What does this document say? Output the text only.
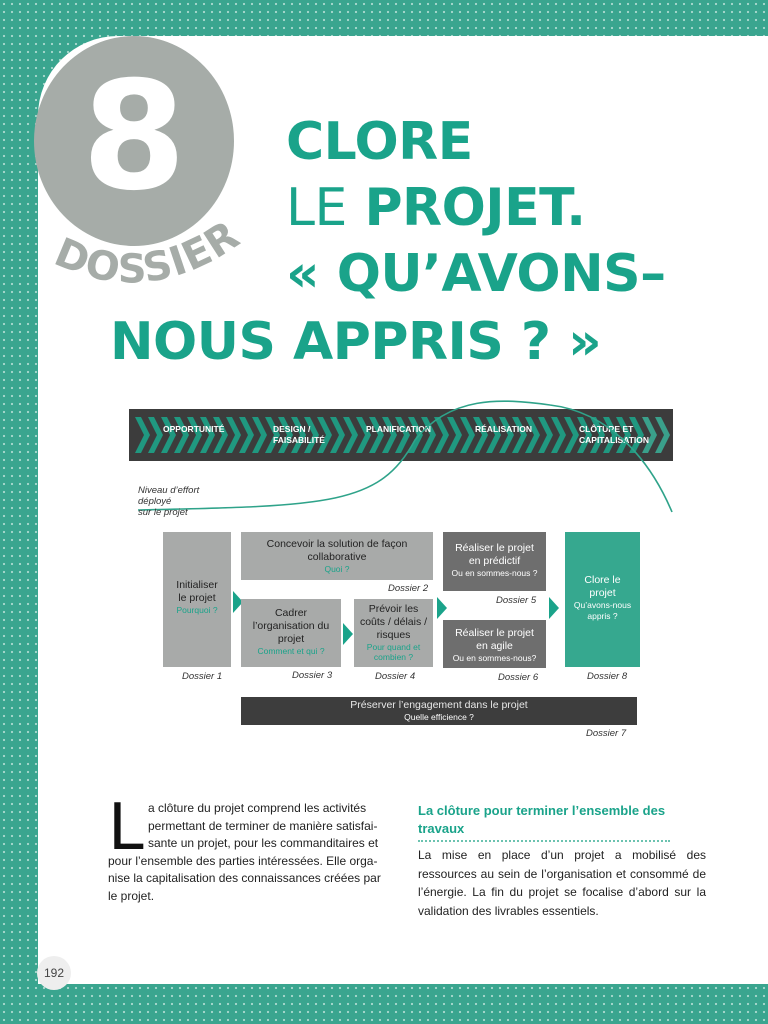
8
DOSSIER
CLORE
LE PROJET.
« QU’AVONS–
NOUS APPRIS ? »
OPPORTUNITÉ	DESIGN /
FAISABILITÉ
PLANIFICATION	RÉALISATION	CLÔTURE ET
CAPITALISATION
Niveau d’effort
déployé
sur le projet
Initialiser
le projet
Pourquoi ?
Concevoir la solution de façon
collaborative
Quoi ?
Cadrer
l’organisation du
projet
Comment et qui ?
Prévoir les
coûts / délais /
risques
Pour quand et
combien ?
Réaliser le projet
en prédictif
Ou en sommes-nous ?
Réaliser le projet
en agile
Ou en sommes-nous?
Clore le
projet
Qu’avons-nous
appris ?
Préserver l’engagement dans le projet
Quelle efficience ?
Dossier 1
Dossier 2
Dossier 3	Dossier 4
Dossier 5
Dossier 6
Dossier 7
Dossier 8
L a clôture du projet comprend les activités
permettant de terminer de manière satisfai-
sante un projet, pour les commanditaires et
pour l’ensemble des parties intéressées. Elle orga-
nise la capitalisation des connaissances créées par
le projet.
La clôture pour terminer l’ensemble des travaux
La mise en place d’un projet a mobilisé des ressources au sein de l’organisation et consommé de l’énergie. La fin du projet se focalise d’abord sur la validation des livrables essentiels.
192
